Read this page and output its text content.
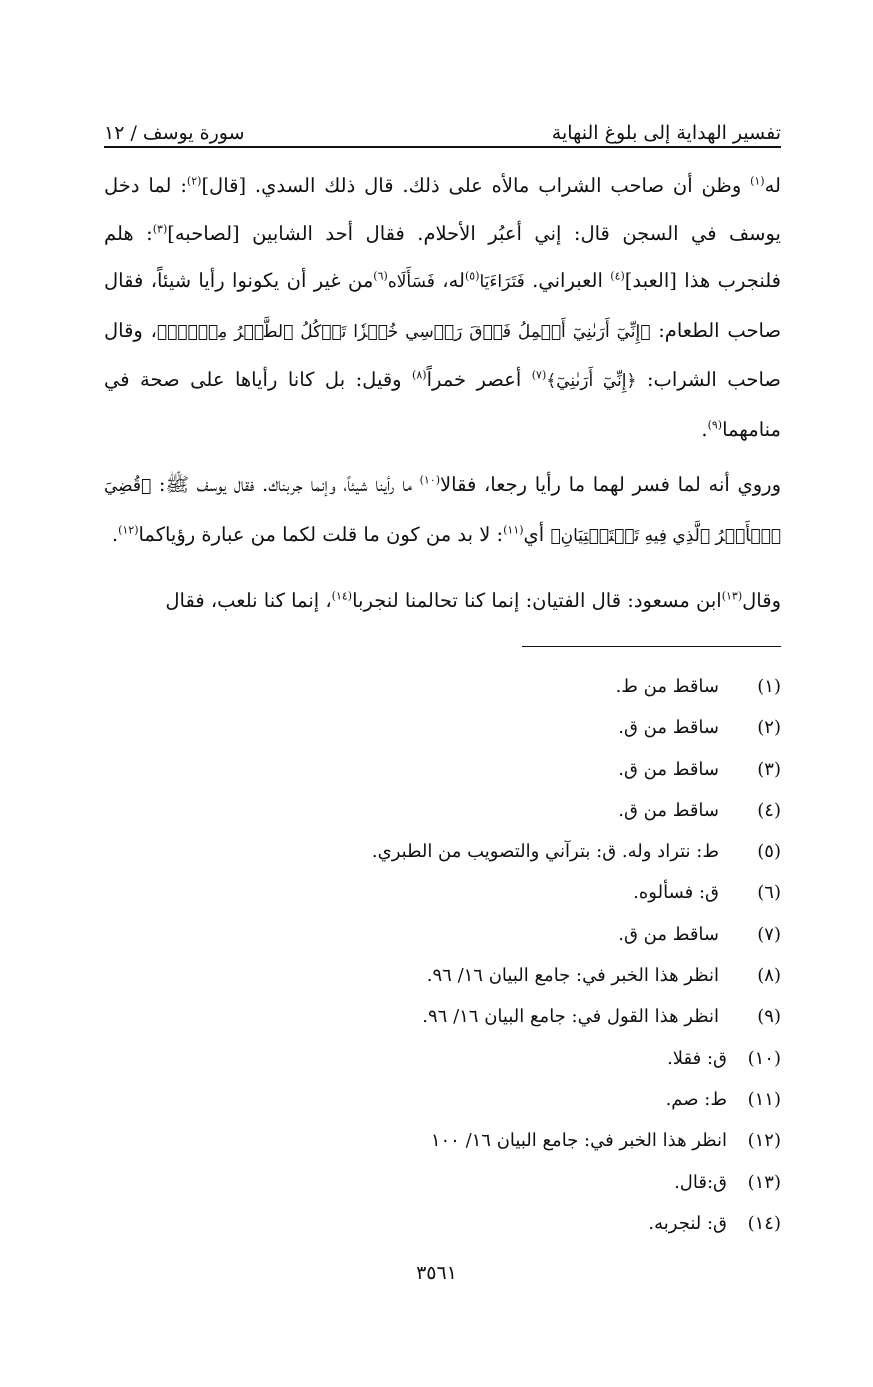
تفسير الهداية إلى بلوغ النهاية
سورة يوسف / ١٢

له$^{(١)}$ وظن أن صاحب الشراب مالأه على ذلك. قال ذلك السدي. [قال]$^{(٢)}$: لما دخل يوسف في السجن قال: إني أعبُر الأحلام. فقال أحد الشابين [لصاحبه]$^{(٣)}$: هلم فلنجرب هذا [العبد]$^{(٤)}$ العبراني. فَتَرَاءَيَا$^{(٥)}$له، فَسَأَلَاه$^{(٦)}$من غير أن يكونوا رأيا شيئاً، فقال صاحب الطعام: ﴿إِنِّيٓ أَرَىٰنِيٓ أَحۡمِلُ فَوۡقَ رَأۡسِي خُبۡزٗا تَأۡكُلُ ٱلطَّيۡرُ مِنۡهُۖ﴾، وقال صاحب الشراب: ﴿إِنِّيٓ أَرَىٰنِيٓ﴾$^{(٧)}$ أعصر خمراً$^{(٨)}$ وقيل: بل كانا رأياها على صحة في منامهما$^{(٩)}$.

وروي أنه لما فسر لهما ما رأيا رجعا، فقالا$^{(١٠)}$ ما رأينا شيئاً، وإنما جربناك. فقال يوسف ﷺ: ﴿قُضِيَ ٱلۡأَمۡرُ ٱلَّذِي فِيهِ تَسۡتَفۡتِيَانِ﴾ أي$^{(١١)}$: لا بد من كون ما قلت لكما من عبارة رؤياكما$^{(١٢)}$.

وقال$^{(١٣)}$ابن مسعود: قال الفتيان: إنما كنا تحالمنا لنجربا$^{(١٤)}$، إنما كنا نلعب، فقال

(١)
ساقط من ط.
(٢)
ساقط من ق.
(٣)
ساقط من ق.
(٤)
ساقط من ق.
(٥)
ط: نتراد وله. ق: بترآني والتصويب من الطبري.
(٦)
ق: فسألوه.
(٧)
ساقط من ق.
(٨)
انظر هذا الخبر في: جامع البيان ١٦/ ٩٦.
(٩)
انظر هذا القول في: جامع البيان ١٦/ ٩٦.
(١٠)
ق: فقلا.
(١١)
ط: صم.
(١٢)
انظر هذا الخبر في: جامع البيان ١٦/ ١٠٠
(١٣)
ق:قال.
(١٤)
ق: لنجربه.
٣٥٦١
